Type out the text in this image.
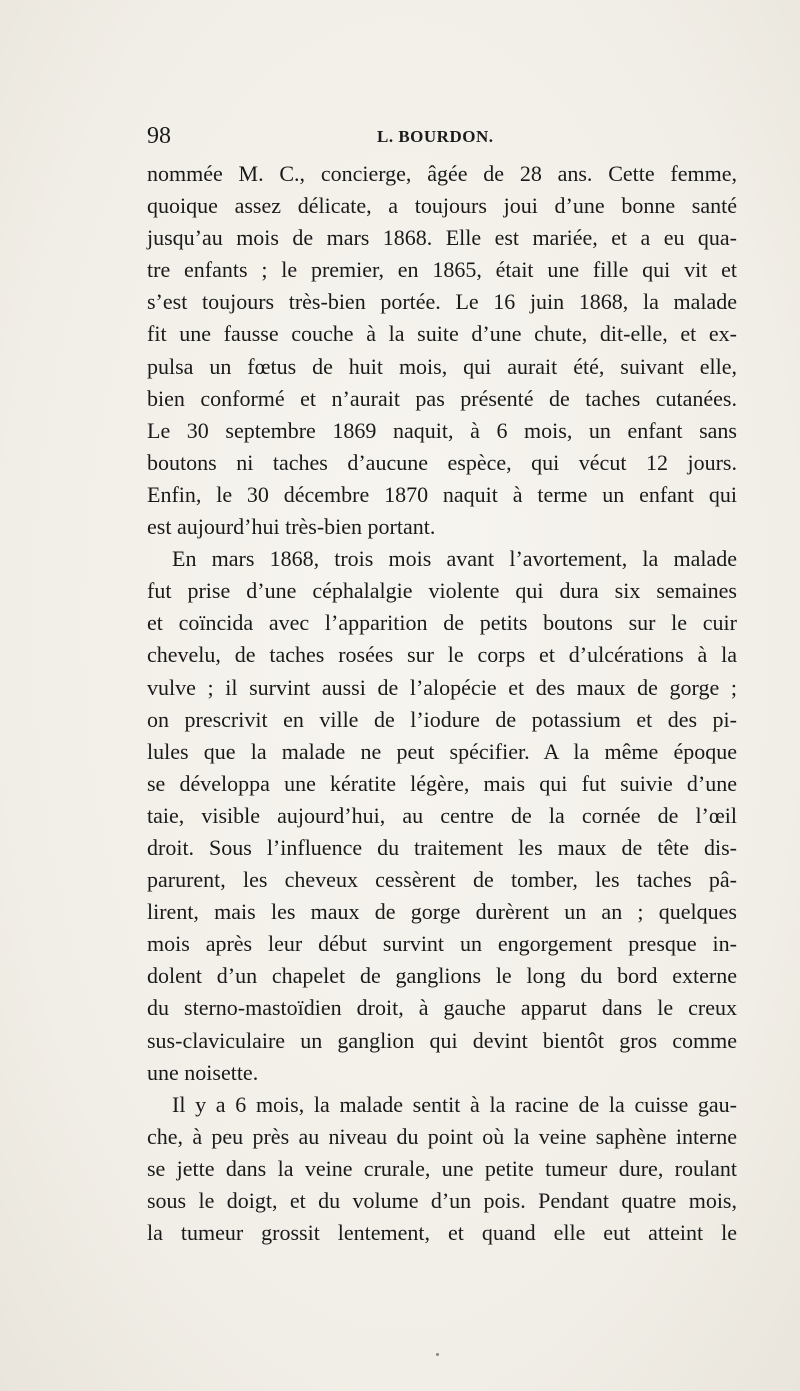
98	L. BOURDON.
nommée M. C., concierge, âgée de 28 ans. Cette femme,
quoique assez délicate, a toujours joui d’une bonne santé
jusqu’au mois de mars 1868. Elle est mariée, et a eu qua-
tre enfants ; le premier, en 1865, était une fille qui vit et
s’est toujours très-bien portée. Le 16 juin 1868, la malade
fit une fausse couche à la suite d’une chute, dit-elle, et ex-
pulsa un fœtus de huit mois, qui aurait été, suivant elle,
bien conformé et n’aurait pas présenté de taches cutanées.
Le 30 septembre 1869 naquit, à 6 mois, un enfant sans
boutons ni taches d’aucune espèce, qui vécut 12 jours.
Enfin, le 30 décembre 1870 naquit à terme un enfant qui
est aujourd’hui très-bien portant.
En mars 1868, trois mois avant l’avortement, la malade
fut prise d’une céphalalgie violente qui dura six semaines
et coïncida avec l’apparition de petits boutons sur le cuir
chevelu, de taches rosées sur le corps et d’ulcérations à la
vulve ; il survint aussi de l’alopécie et des maux de gorge ;
on prescrivit en ville de l’iodure de potassium et des pi-
lules que la malade ne peut spécifier. A la même époque
se développa une kératite légère, mais qui fut suivie d’une
taie, visible aujourd’hui, au centre de la cornée de l’œil
droit. Sous l’influence du traitement les maux de tête dis-
parurent, les cheveux cessèrent de tomber, les taches pâ-
lirent, mais les maux de gorge durèrent un an ; quelques
mois après leur début survint un engorgement presque in-
dolent d’un chapelet de ganglions le long du bord externe
du sterno-mastoïdien droit, à gauche apparut dans le creux
sus-claviculaire un ganglion qui devint bientôt gros comme
une noisette.
Il y a 6 mois, la malade sentit à la racine de la cuisse gau-
che, à peu près au niveau du point où la veine saphène interne
se jette dans la veine crurale, une petite tumeur dure, roulant
sous le doigt, et du volume d’un pois. Pendant quatre mois,
la tumeur grossit lentement, et quand elle eut atteint le
